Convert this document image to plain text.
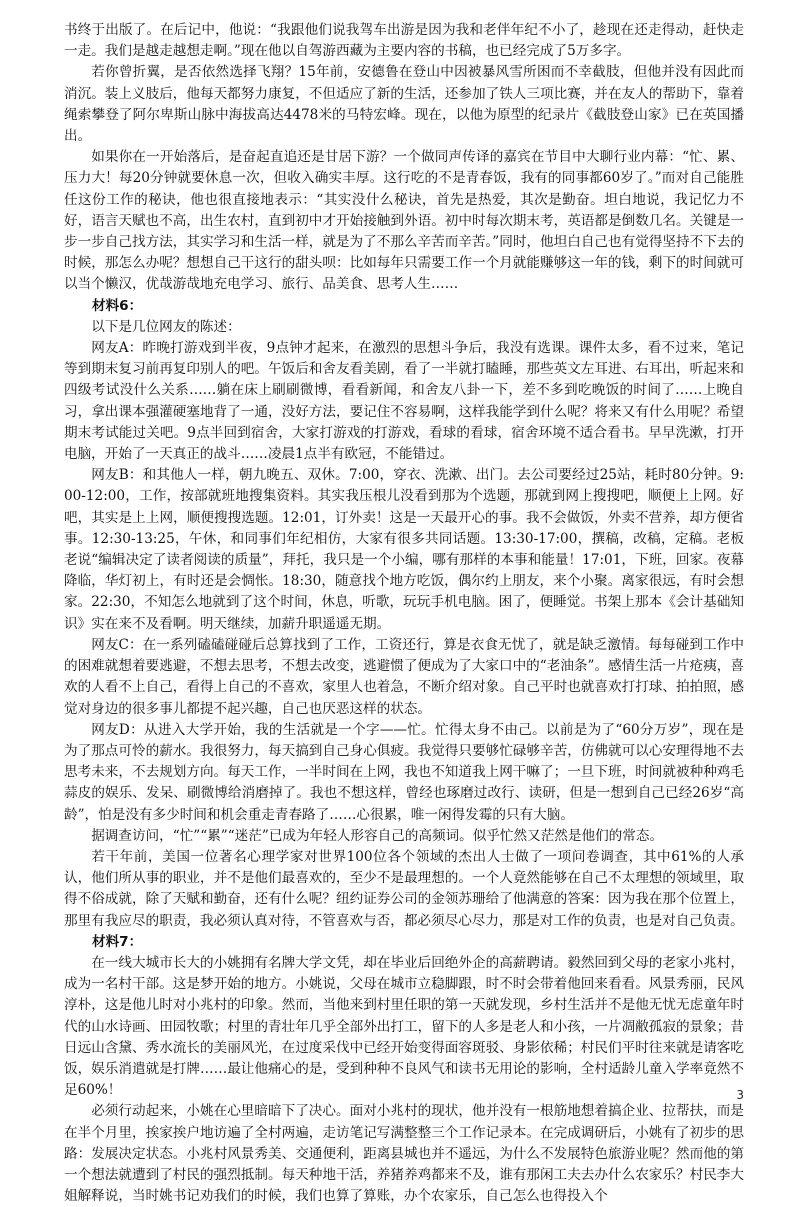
书终于出版了。在后记中，他说：“我跟他们说我驾车出游是因为我和老伴年纪不小了，趁现在还走得动，赶快走一走。我们是越走越想走啊。”现在他以自驾游西藏为主要内容的书稿，也已经完成了5万多字。

若你曾折翼，是否依然选择飞翔？15年前，安德鲁在登山中因被暴风雪所困而不幸截肢，但他并没有因此而消沉。装上义肢后，他每天都努力康复，不但适应了新的生活，还参加了铁人三项比赛，并在友人的帮助下，靠着绳索攀登了阿尔卑斯山脉中海拔高达4478米的马特宏峰。现在，以他为原型的纪录片《截肢登山家》已在英国播出。

如果你在一开始落后，是奋起直追还是甘居下游？一个做同声传译的嘉宾在节目中大聊行业内幕：“忙、累、压力大！每20分钟就要休息一次，但收入确实丰厚。这行吃的不是青春饭，我有的同事都60岁了。”而对自己能胜任这份工作的秘诀，他也很直接地表示：“其实没什么秘诀，首先是热爱，其次是勤奋。坦白地说，我记忆力不好，语言天赋也不高，出生农村，直到初中才开始接触到外语。初中时每次期末考，英语都是倒数几名。关键是一步一步自己找方法，其实学习和生活一样，就是为了不那么辛苦而辛苦。”同时，他坦白自己也有觉得坚持不下去的时候，那怎么办呢？想想自己干这行的甜头呗：比如每年只需要工作一个月就能赚够这一年的钱，剩下的时间就可以当个懒汉，优哉游哉地充电学习、旅行、品美食、思考人生……

材料6：

以下是几位网友的陈述：

网友A：昨晚打游戏到半夜，9点钟才起来，在激烈的思想斗争后，我没有选课。课件太多，看不过来，笔记等到期末复习前再复印别人的吧。午饭后和舍友看美剧，看了一半就打瞌睡，那些英文左耳进、右耳出，听起来和四级考试没什么关系……躺在床上刷刷微博，看看新闻，和舍友八卦一下，差不多到吃晚饭的时间了……上晚自习，拿出课本强灌硬塞地背了一通，没好方法，要记住不容易啊，这样我能学到什么呢？将来又有什么用呢？希望期末考试能过关吧。9点半回到宿舍，大家打游戏的打游戏，看球的看球，宿舍环境不适合看书。早早洗漱，打开电脑，开始了一天真正的战斗……凌晨1点半有欧冠，不能错过。

网友B：和其他人一样，朝九晚五、双休。7:00，穿衣、洗漱、出门。去公司要经过25站，耗时80分钟。9:00-12:00，工作，按部就班地搜集资料。其实我压根儿没看到那为个选题，那就到网上搜搜吧，顺便上上网。好吧，其实是上上网，顺便搜搜选题。12:01，订外卖！这是一天最开心的事。我不会做饭，外卖不营养，却方便省事。12:30-13:25，午休，和同事们年纪相仿，大家有很多共同话题。13:30-17:00，撰稿，改稿，定稿。老板老说“编辑决定了读者阅读的质量”，拜托，我只是一个小编，哪有那样的本事和能量！17:01，下班，回家。夜幕降临，华灯初上，有时还是会惆怅。18:30，随意找个地方吃饭，偶尔约上朋友，来个小聚。离家很远，有时会想家。22:30，不知怎么地就到了这个时间，休息，听歌，玩玩手机电脑。困了，便睡觉。书架上那本《会计基础知识》实在来不及看啊。明天继续，加薪升职遥遥无期。

网友C：在一系列磕磕碰碰后总算找到了工作，工资还行，算是衣食无忧了，就是缺乏激情。每每碰到工作中的困难就想着要逃避，不想去思考，不想去改变，逃避惯了便成为了大家口中的“老油条”。感情生活一片疮痍，喜欢的人看不上自己，看得上自己的不喜欢，家里人也着急，不断介绍对象。自己平时也就喜欢打打球、拍拍照，感觉对身边的很多事儿都提不起兴趣，自己也厌恶这样的状态。

网友D：从进入大学开始，我的生活就是一个字——忙。忙得太身不由己。以前是为了“60分万岁”，现在是为了那点可怜的薪水。我很努力，每天搞到自己身心俱疲。我觉得只要够忙碌够辛苦，仿佛就可以心安理得地不去思考未来，不去规划方向。每天工作，一半时间在上网，我也不知道我上网干嘛了；一旦下班，时间就被种种鸡毛蒜皮的娱乐、发呆、刷微博给消磨掉了。我也不想这样，曾经也琢磨过改行、读研，但是一想到自己已经26岁“高龄”，怕是没有多少时间和机会重走青春路了……心很累，唯一闲得发霉的只有大脑。

据调查访问，“忙”“累”“迷茫”已成为年轻人形容自己的高频词。似乎忙然又茫然是他们的常态。

若干年前，美国一位著名心理学家对世界100位各个领域的杰出人士做了一项问卷调查，其中61%的人承认，他们所从事的职业，并不是他们最喜欢的，至少不是最理想的。一个人竟然能够在自己不太理想的领域里，取得不俗成就，除了天赋和勤奋，还有什么呢？纽约证券公司的金领苏珊给了他满意的答案：因为我在那个位置上，那里有我应尽的职责，我必须认真对待，不管喜欢与否，都必须尽心尽力，那是对工作的负责，也是对自己负责。

材料7：

在一线大城市长大的小姚拥有名牌大学文凭，却在毕业后回绝外企的高薪聘请。毅然回到父母的老家小兆村，成为一名村干部。这是梦开始的地方。小姚说，父母在城市立稳脚跟，时不时会带着他回来看看。风景秀丽，民风淳朴，这是他儿时对小兆村的印象。然而，当他来到村里任职的第一天就发现，乡村生活并不是他无忧无虑童年时代的山水诗画、田园牧歌；村里的青壮年几乎全部外出打工，留下的人多是老人和小孩，一片凋敝孤寂的景象；昔日远山含黛、秀水流长的美丽风光，在过度采伐中已经开始变得面容斑驳、身影依稀；村民们平时往来就是请客吃饭，娱乐消遣就是打牌……最让他痛心的是，受到种种不良风气和读书无用论的影响，全村适龄儿童入学率竟然不足60%！

必须行动起来，小姚在心里暗暗下了决心。面对小兆村的现状，他并没有一根筋地想着搞企业、拉帮扶，而是在半个月里，挨家挨户地访遍了全村两遍，走访笔记写满整整三个工作记录本。在完成调研后，小姚有了初步的思路：发展决定状态。小兆村风景秀美、交通便利，距离县城也并不遥远，为什么不发展特色旅游业呢？然而他的第一个想法就遭到了村民的强烈抵制。每天种地干活，养猪养鸡都来不及，谁有那闲工夫去办什么农家乐？村民李大姐解释说，当时姚书记劝我们的时候，我们也算了算账，办个农家乐，自己怎么也得投入个

3
